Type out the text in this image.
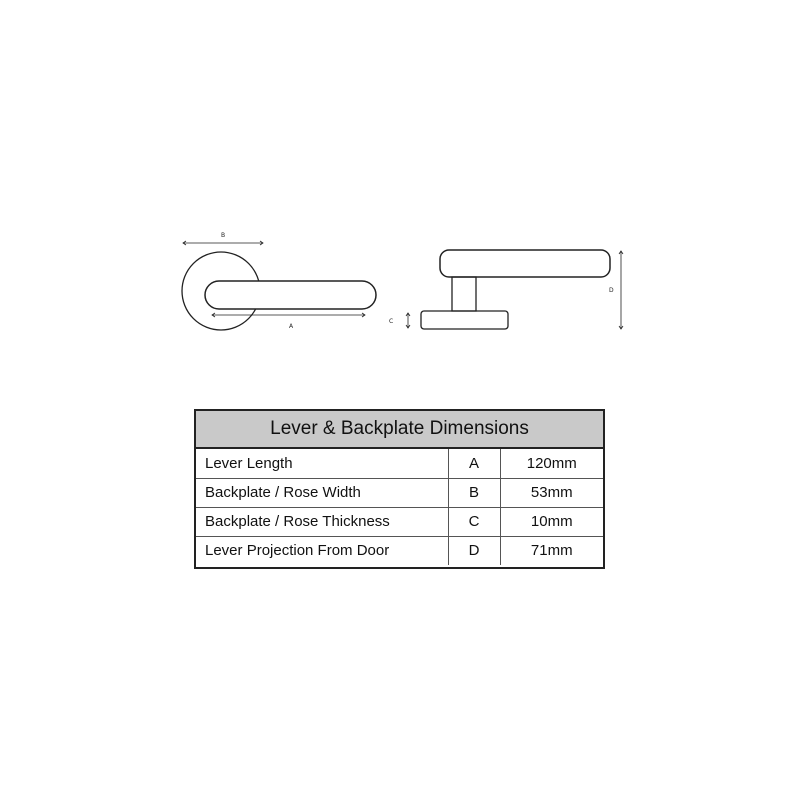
B
A
D
C
Lever & Backplate Dimensions
Lever Length	A	120mm
Backplate / Rose Width	B	53mm
Backplate / Rose Thickness	C	10mm
Lever Projection From Door	D	71mm
